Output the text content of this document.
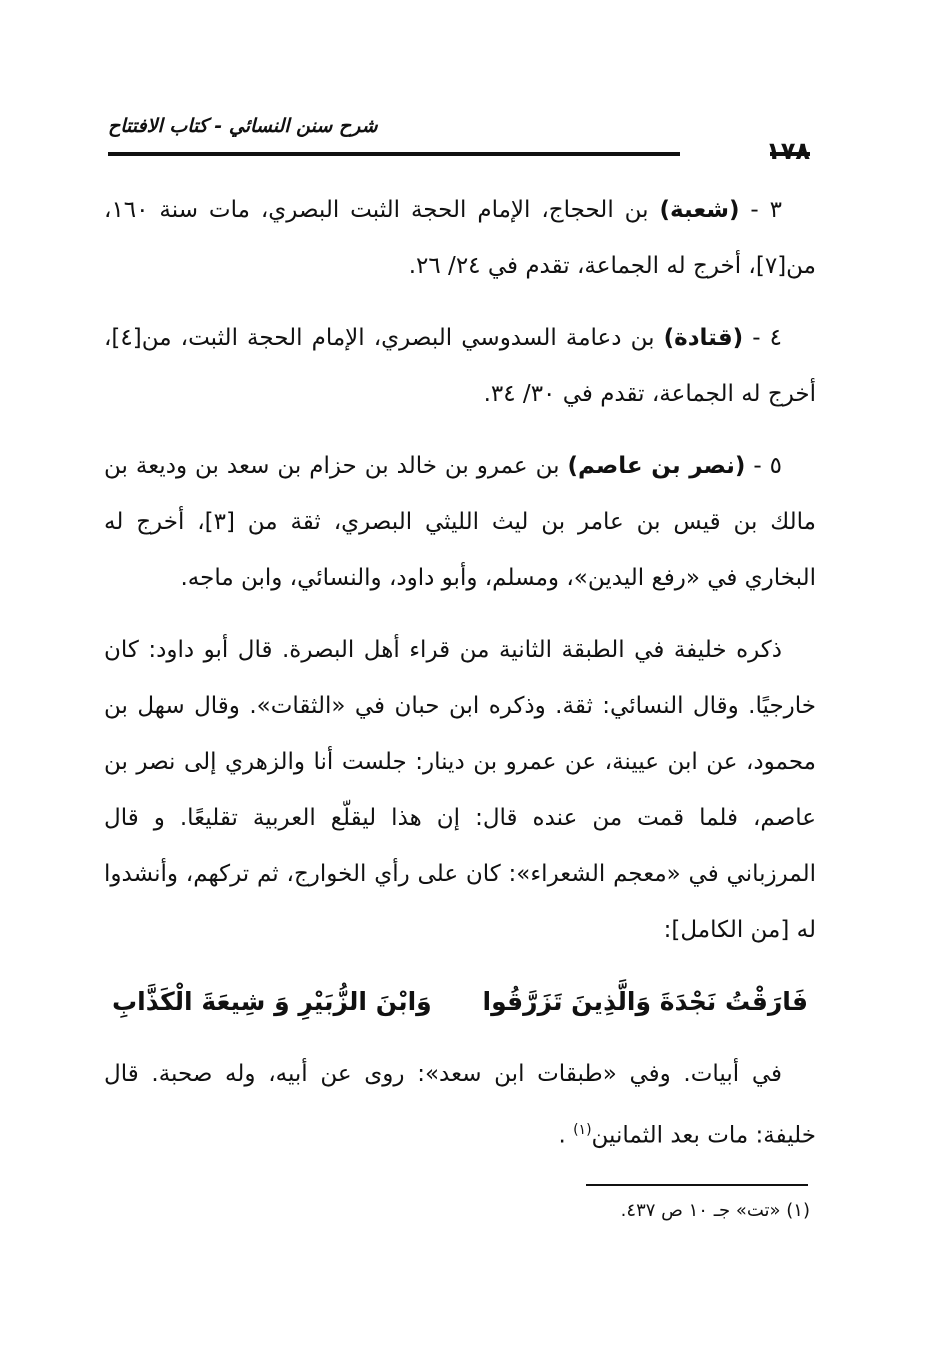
شرح سنن النسائي - كتاب الافتتاح
١٧٨

٣ - (شعبة) بن الحجاج، الإمام الحجة الثبت البصري، مات سنة ١٦٠، من[٧]، أخرج له الجماعة، تقدم في ٢٤/ ٢٦.

٤ - (قتادة) بن دعامة السدوسي البصري، الإمام الحجة الثبت، من[٤]، أخرج له الجماعة، تقدم في ٣٠/ ٣٤.

٥ - (نصر بن عاصم) بن عمرو بن خالد بن حزام بن سعد بن وديعة بن مالك بن قيس بن عامر بن ليث الليثي البصري، ثقة من [٣]، أخرج له البخاري في «رفع اليدين»، ومسلم، وأبو داود، والنسائي، وابن ماجه.

ذكره خليفة في الطبقة الثانية من قراء أهل البصرة. قال أبو داود: كان خارجيًا. وقال النسائي: ثقة. وذكره ابن حبان في «الثقات». وقال سهل بن محمود، عن ابن عيينة، عن عمرو بن دينار: جلست أنا والزهري إلى نصر بن عاصم، فلما قمت من عنده قال: إن هذا ليقلّع العربية تقليعًا. و قال المرزباني في «معجم الشعراء»: كان على رأي الخوارج، ثم تركهم، وأنشدوا له [من الكامل]:

فَارَقْتُ نَجْدَةَ وَالَّذِينَ تَزَرَّقُوا
وَابْنَ الزُّبَيْرِ وَ شِيعَةَ الْكَذَّابِ

في أبيات. وفي «طبقات ابن سعد»: روى عن أبيه، وله صحبة. قال خليفة: مات بعد الثمانين$^{(١)}$ .

(١) «تت» جـ ١٠ ص ٤٣٧.
